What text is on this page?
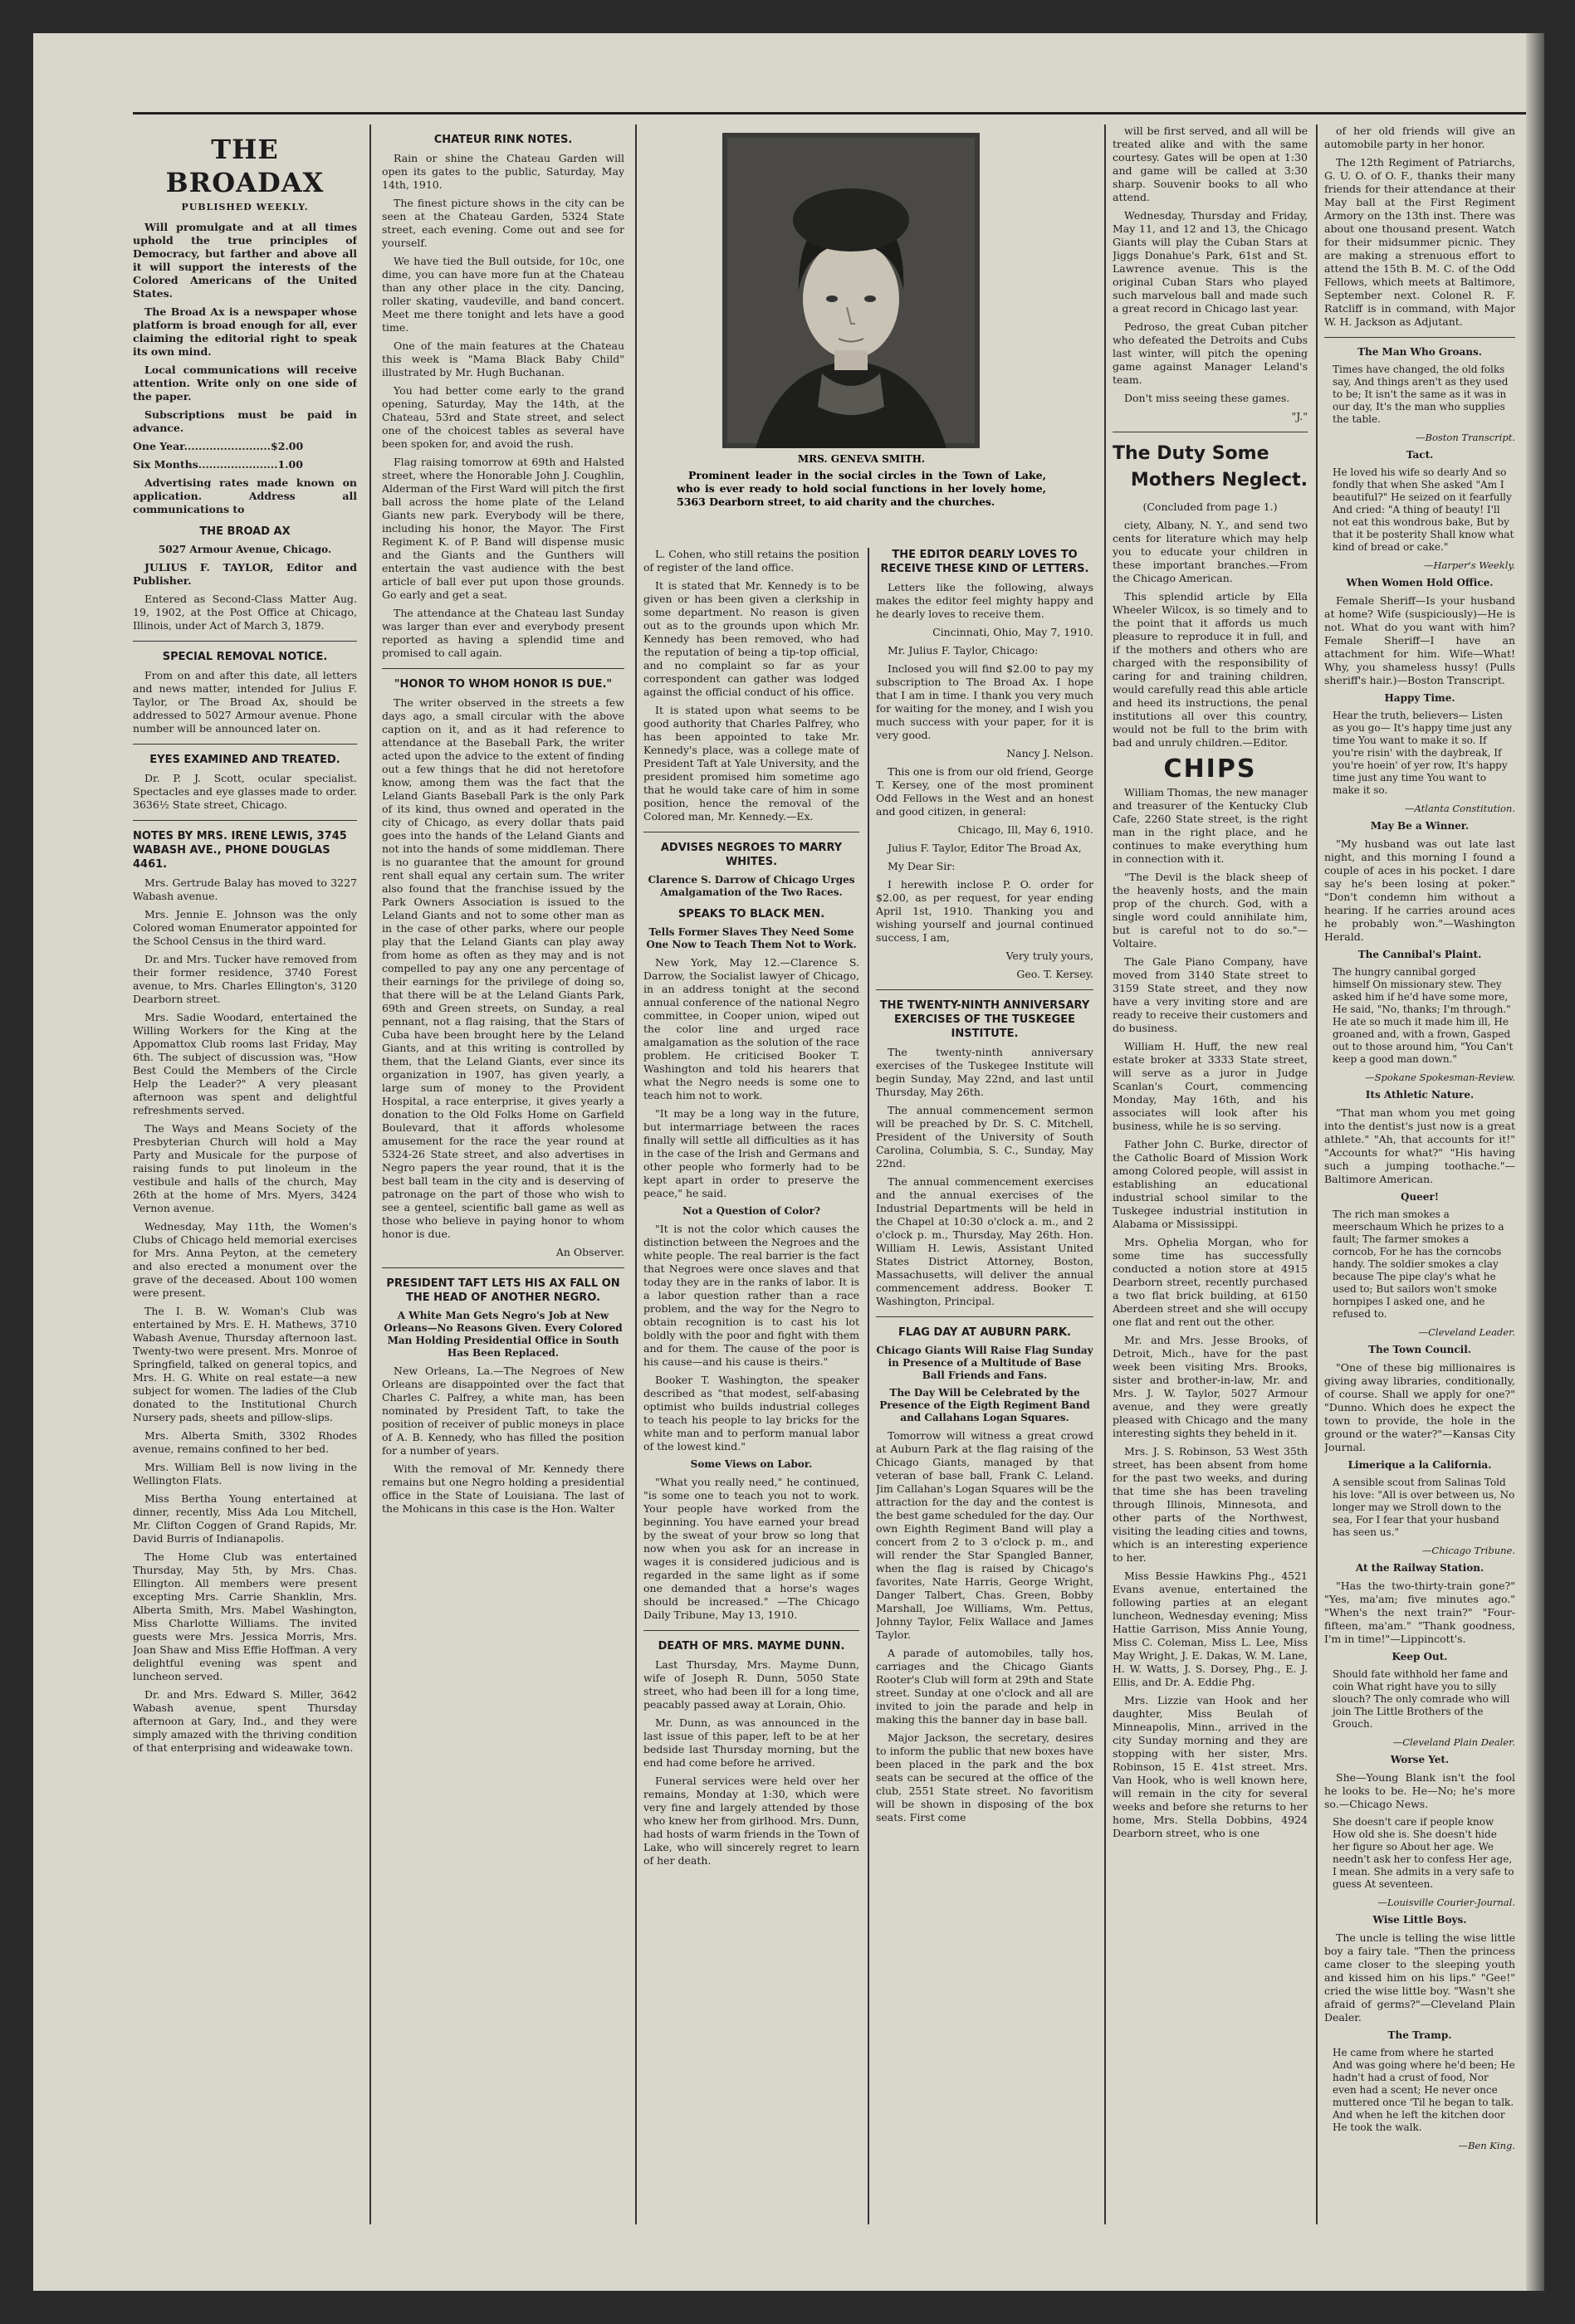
THE BROADAX
PUBLISHED WEEKLY.

Will promulgate and at all times uphold the true principles of Democracy, but farther and above all it will support the interests of the Colored Americans of the United States.

The Broad Ax is a newspaper whose platform is broad enough for all, ever claiming the editorial right to speak its own mind.

Local communications will receive attention. Write only on one side of the paper.

Subscriptions must be paid in advance.

One Year........................$2.00

Six Months......................1.00

Advertising rates made known on application. Address all communications to

THE BROAD AX
5027 Armour Avenue, Chicago.

JULIUS F. TAYLOR, Editor and Publisher.

Entered as Second-Class Matter Aug. 19, 1902, at the Post Office at Chicago, Illinois, under Act of March 3, 1879.

SPECIAL REMOVAL NOTICE.

From on and after this date, all letters and news matter, intended for Julius F. Taylor, or The Broad Ax, should be addressed to 5027 Armour avenue. Phone number will be announced later on.

EYES EXAMINED AND TREATED.

Dr. P. J. Scott, ocular specialist. Spectacles and eye glasses made to order. 3636½ State street, Chicago.

NOTES BY MRS. IRENE LEWIS, 3745 WABASH AVE., PHONE DOUGLAS 4461.

Mrs. Gertrude Balay has moved to 3227 Wabash avenue.

Mrs. Jennie E. Johnson was the only Colored woman Enumerator appointed for the School Census in the third ward.

Dr. and Mrs. Tucker have removed from their former residence, 3740 Forest avenue, to Mrs. Charles Ellington's, 3120 Dearborn street.

Mrs. Sadie Woodard, entertained the Willing Workers for the King at the Appomattox Club rooms last Friday, May 6th. The subject of discussion was, "How Best Could the Members of the Circle Help the Leader?" A very pleasant afternoon was spent and delightful refreshments served.

The Ways and Means Society of the Presbyterian Church will hold a May Party and Musicale for the purpose of raising funds to put linoleum in the vestibule and halls of the church, May 26th at the home of Mrs. Myers, 3424 Vernon avenue.

Wednesday, May 11th, the Women's Clubs of Chicago held memorial exercises for Mrs. Anna Peyton, at the cemetery and also erected a monument over the grave of the deceased. About 100 women were present.

The I. B. W. Woman's Club was entertained by Mrs. E. H. Mathews, 3710 Wabash Avenue, Thursday afternoon last. Twenty-two were present. Mrs. Monroe of Springfield, talked on general topics, and Mrs. H. G. White on real estate—a new subject for women. The ladies of the Club donated to the Institutional Church Nursery pads, sheets and pillow-slips.

Mrs. Alberta Smith, 3302 Rhodes avenue, remains confined to her bed.

Mrs. William Bell is now living in the Wellington Flats.

Miss Bertha Young entertained at dinner, recently, Miss Ada Lou Mitchell, Mr. Clifton Coggen of Grand Rapids, Mr. David Burris of Indianapolis.

The Home Club was entertained Thursday, May 5th, by Mrs. Chas. Ellington. All members were present excepting Mrs. Carrie Shanklin, Mrs. Alberta Smith, Mrs. Mabel Washington, Miss Charlotte Williams. The invited guests were Mrs. Jessica Morris, Mrs. Joan Shaw and Miss Effie Hoffman. A very delightful evening was spent and luncheon served.

Dr. and Mrs. Edward S. Miller, 3642 Wabash avenue, spent Thursday afternoon at Gary, Ind., and they were simply amazed with the thriving condition of that enterprising and wideawake town.

CHATEUR RINK NOTES.

Rain or shine the Chateau Garden will open its gates to the public, Saturday, May 14th, 1910.

The finest picture shows in the city can be seen at the Chateau Garden, 5324 State street, each evening. Come out and see for yourself.

We have tied the Bull outside, for 10c, one dime, you can have more fun at the Chateau than any other place in the city. Dancing, roller skating, vaudeville, and band concert. Meet me there tonight and lets have a good time.

One of the main features at the Chateau this week is "Mama Black Baby Child" illustrated by Mr. Hugh Buchanan.

You had better come early to the grand opening, Saturday, May the 14th, at the Chateau, 53rd and State street, and select one of the choicest tables as several have been spoken for, and avoid the rush.

Flag raising tomorrow at 69th and Halsted street, where the Honorable John J. Coughlin, Alderman of the First Ward will pitch the first ball across the home plate of the Leland Giants new park. Everybody will be there, including his honor, the Mayor. The First Regiment K. of P. Band will dispense music and the Giants and the Gunthers will entertain the vast audience with the best article of ball ever put upon those grounds. Go early and get a seat.

The attendance at the Chateau last Sunday was larger than ever and everybody present reported as having a splendid time and promised to call again.

"HONOR TO WHOM HONOR IS DUE."

The writer observed in the streets a few days ago, a small circular with the above caption on it, and as it had reference to attendance at the Baseball Park, the writer acted upon the advice to the extent of finding out a few things that he did not heretofore know, among them was the fact that the Leland Giants Baseball Park is the only Park of its kind, thus owned and operated in the city of Chicago, as every dollar thats paid goes into the hands of the Leland Giants and not into the hands of some middleman. There is no guarantee that the amount for ground rent shall equal any certain sum. The writer also found that the franchise issued by the Park Owners Association is issued to the Leland Giants and not to some other man as in the case of other parks, where our people play that the Leland Giants can play away from home as often as they may and is not compelled to pay any one any percentage of their earnings for the privilege of doing so, that there will be at the Leland Giants Park, 69th and Green streets, on Sunday, a real pennant, not a flag raising, that the Stars of Cuba have been brought here by the Leland Giants, and at this writing is controlled by them, that the Leland Giants, ever since its organization in 1907, has given yearly, a large sum of money to the Provident Hospital, a race enterprise, it gives yearly a donation to the Old Folks Home on Garfield Boulevard, that it affords wholesome amusement for the race the year round at 5324-26 State street, and also advertises in Negro papers the year round, that it is the best ball team in the city and is deserving of patronage on the part of those who wish to see a genteel, scientific ball game as well as those who believe in paying honor to whom honor is due.

An Observer.

PRESIDENT TAFT LETS HIS AX FALL ON THE HEAD OF ANOTHER NEGRO.
A White Man Gets Negro's Job at New Orleans—No Reasons Given. Every Colored Man Holding Presidential Office in South Has Been Replaced.

New Orleans, La.—The Negroes of New Orleans are disappointed over the fact that Charles C. Palfrey, a white man, has been nominated by President Taft, to take the position of receiver of public moneys in place of A. B. Kennedy, who has filled the position for a number of years.

With the removal of Mr. Kennedy there remains but one Negro holding a presidential office in the State of Louisiana. The last of the Mohicans in this case is the Hon. Walter

MRS. GENEVA SMITH.
Prominent leader in the social circles in the Town of Lake, who is ever ready to hold social functions in her lovely home, 5363 Dearborn street, to aid charity and the churches.

L. Cohen, who still retains the position of register of the land office.

It is stated that Mr. Kennedy is to be given or has been given a clerkship in some department. No reason is given out as to the grounds upon which Mr. Kennedy has been removed, who had the reputation of being a tip-top official, and no complaint so far as your correspondent can gather was lodged against the official conduct of his office.

It is stated upon what seems to be good authority that Charles Palfrey, who has been appointed to take Mr. Kennedy's place, was a college mate of President Taft at Yale University, and the president promised him sometime ago that he would take care of him in some position, hence the removal of the Colored man, Mr. Kennedy.—Ex.

ADVISES NEGROES TO MARRY WHITES.
Clarence S. Darrow of Chicago Urges Amalgamation of the Two Races.
SPEAKS TO BLACK MEN.
Tells Former Slaves They Need Some One Now to Teach Them Not to Work.

New York, May 12.—Clarence S. Darrow, the Socialist lawyer of Chicago, in an address tonight at the second annual conference of the national Negro committee, in Cooper union, wiped out the color line and urged race amalgamation as the solution of the race problem. He criticised Booker T. Washington and told his hearers that what the Negro needs is some one to teach him not to work.

"It may be a long way in the future, but intermarriage between the races finally will settle all difficulties as it has in the case of the Irish and Germans and other people who formerly had to be kept apart in order to preserve the peace," he said.

Not a Question of Color?

"It is not the color which causes the distinction between the Negroes and the white people. The real barrier is the fact that Negroes were once slaves and that today they are in the ranks of labor. It is a labor question rather than a race problem, and the way for the Negro to obtain recognition is to cast his lot boldly with the poor and fight with them and for them. The cause of the poor is his cause—and his cause is theirs."

Booker T. Washington, the speaker described as "that modest, self-abasing optimist who builds industrial colleges to teach his people to lay bricks for the white man and to perform manual labor of the lowest kind."

Some Views on Labor.

"What you really need," he continued, "is some one to teach you not to work. Your people have worked from the beginning. You have earned your bread by the sweat of your brow so long that now when you ask for an increase in wages it is considered judicious and is regarded in the same light as if some one demanded that a horse's wages should be increased." —The Chicago Daily Tribune, May 13, 1910.

DEATH OF MRS. MAYME DUNN.

Last Thursday, Mrs. Mayme Dunn, wife of Joseph R. Dunn, 5050 State street, who had been ill for a long time, peacably passed away at Lorain, Ohio.

Mr. Dunn, as was announced in the last issue of this paper, left to be at her bedside last Thursday morning, but the end had come before he arrived.

Funeral services were held over her remains, Monday at 1:30, which were very fine and largely attended by those who knew her from girlhood. Mrs. Dunn, had hosts of warm friends in the Town of Lake, who will sincerely regret to learn of her death.

THE EDITOR DEARLY LOVES TO RECEIVE THESE KIND OF LETTERS.

Letters like the following, always makes the editor feel mighty happy and he dearly loves to receive them.

Cincinnati, Ohio, May 7, 1910.

Mr. Julius F. Taylor, Chicago:

Inclosed you will find $2.00 to pay my subscription to The Broad Ax. I hope that I am in time. I thank you very much for waiting for the money, and I wish you much success with your paper, for it is very good.

Nancy J. Nelson.

This one is from our old friend, George T. Kersey, one of the most prominent Odd Fellows in the West and an honest and good citizen, in general:

Chicago, Ill, May 6, 1910.

Julius F. Taylor, Editor The Broad Ax,

My Dear Sir:

I herewith inclose P. O. order for $2.00, as per request, for year ending April 1st, 1910. Thanking you and wishing yourself and journal continued success, I am,

Very truly yours,

Geo. T. Kersey.

THE TWENTY-NINTH ANNIVERSARY EXERCISES OF THE TUSKEGEE INSTITUTE.

The twenty-ninth anniversary exercises of the Tuskegee Institute will begin Sunday, May 22nd, and last until Thursday, May 26th.

The annual commencement sermon will be preached by Dr. S. C. Mitchell, President of the University of South Carolina, Columbia, S. C., Sunday, May 22nd.

The annual commencement exercises and the annual exercises of the Industrial Departments will be held in the Chapel at 10:30 o'clock a. m., and 2 o'clock p. m., Thursday, May 26th. Hon. William H. Lewis, Assistant United States District Attorney, Boston, Massachusetts, will deliver the annual commencement address. Booker T. Washington, Principal.

FLAG DAY AT AUBURN PARK.
Chicago Giants Will Raise Flag Sunday in Presence of a Multitude of Base Ball Friends and Fans.
The Day Will be Celebrated by the Presence of the Eigth Regiment Band and Callahans Logan Squares.

Tomorrow will witness a great crowd at Auburn Park at the flag raising of the Chicago Giants, managed by that veteran of base ball, Frank C. Leland. Jim Callahan's Logan Squares will be the attraction for the day and the contest is the best game scheduled for the day. Our own Eighth Regiment Band will play a concert from 2 to 3 o'clock p. m., and will render the Star Spangled Banner, when the flag is raised by Chicago's favorites, Nate Harris, George Wright, Danger Talbert, Chas. Green, Bobby Marshall, Joe Williams, Wm. Pettus, Johnny Taylor, Felix Wallace and James Taylor.

A parade of automobiles, tally hos, carriages and the Chicago Giants Rooter's Club will form at 29th and State street. Sunday at one o'clock and all are invited to join the parade and help in making this the banner day in base ball.

Major Jackson, the secretary, desires to inform the public that new boxes have been placed in the park and the box seats can be secured at the office of the club, 2551 State street. No favoritism will be shown in disposing of the box seats. First come

will be first served, and all will be treated alike and with the same courtesy. Gates will be open at 1:30 and game will be called at 3:30 sharp. Souvenir books to all who attend.

Wednesday, Thursday and Friday, May 11, and 12 and 13, the Chicago Giants will play the Cuban Stars at Jiggs Donahue's Park, 61st and St. Lawrence avenue. This is the original Cuban Stars who played such marvelous ball and made such a great record in Chicago last year.

Pedroso, the great Cuban pitcher who defeated the Detroits and Cubs last winter, will pitch the opening game against Manager Leland's team.

Don't miss seeing these games.

"J."

The Duty Some
Mothers Neglect.

(Concluded from page 1.)

ciety, Albany, N. Y., and send two cents for literature which may help you to educate your children in these important branches.—From the Chicago American.

This splendid article by Ella Wheeler Wilcox, is so timely and to the point that it affords us much pleasure to reproduce it in full, and if the mothers and others who are charged with the responsibility of caring for and training children, would carefully read this able article and heed its instructions, the penal institutions all over this country, would not be full to the brim with bad and unruly children.—Editor.

CHIPS

William Thomas, the new manager and treasurer of the Kentucky Club Cafe, 2260 State street, is the right man in the right place, and he continues to make everything hum in connection with it.

"The Devil is the black sheep of the heavenly hosts, and the main prop of the church. God, with a single word could annihilate him, but is careful not to do so."—Voltaire.

The Gale Piano Company, have moved from 3140 State street to 3159 State street, and they now have a very inviting store and are ready to receive their customers and do business.

William H. Huff, the new real estate broker at 3333 State street, will serve as a juror in Judge Scanlan's Court, commencing Monday, May 16th, and his associates will look after his business, while he is so serving.

Father John C. Burke, director of the Catholic Board of Mission Work among Colored people, will assist in establishing an educational industrial school similar to the Tuskegee industrial institution in Alabama or Mississippi.

Mrs. Ophelia Morgan, who for some time has successfully conducted a notion store at 4915 Dearborn street, recently purchased a two flat brick building, at 6150 Aberdeen street and she will occupy one flat and rent out the other.

Mr. and Mrs. Jesse Brooks, of Detroit, Mich., have for the past week been visiting Mrs. Brooks, sister and brother-in-law, Mr. and Mrs. J. W. Taylor, 5027 Armour avenue, and they were greatly pleased with Chicago and the many interesting sights they beheld in it.

Mrs. J. S. Robinson, 53 West 35th street, has been absent from home for the past two weeks, and during that time she has been traveling through Illinois, Minnesota, and other parts of the Northwest, visiting the leading cities and towns, which is an interesting experience to her.

Miss Bessie Hawkins Phg., 4521 Evans avenue, entertained the following parties at an elegant luncheon, Wednesday evening; Miss Hattie Garrison, Miss Annie Young, Miss C. Coleman, Miss L. Lee, Miss May Wright, J. E. Dakas, W. M. Lane, H. W. Watts, J. S. Dorsey, Phg., E. J. Ellis, and Dr. A. Eddie Phg.

Mrs. Lizzie van Hook and her daughter, Miss Beulah of Minneapolis, Minn., arrived in the city Sunday morning and they are stopping with her sister, Mrs. Robinson, 15 E. 41st street. Mrs. Van Hook, who is well known here, will remain in the city for several weeks and before she returns to her home, Mrs. Stella Dobbins, 4924 Dearborn street, who is one

of her old friends will give an automobile party in her honor.

The 12th Regiment of Patriarchs, G. U. O. of O. F., thanks their many friends for their attendance at their May ball at the First Regiment Armory on the 13th inst. There was about one thousand present. Watch for their midsummer picnic. They are making a strenuous effort to attend the 15th B. M. C. of the Odd Fellows, which meets at Baltimore, September next. Colonel R. F. Ratcliff is in command, with Major W. H. Jackson as Adjutant.

The Man Who Groans.

Times have changed, the old folks say, And things aren't as they used to be; It isn't the same as it was in our day, It's the man who supplies the table.

—Boston Transcript.

Tact.

He loved his wife so dearly And so fondly that when She asked "Am I beautiful?" He seized on it fearfully And cried: "A thing of beauty! I'll not eat this wondrous bake, But by that it be posterity Shall know what kind of bread or cake."

—Harper's Weekly.

When Women Hold Office.

Female Sheriff—Is your husband at home? Wife (suspiciously)—He is not. What do you want with him? Female Sheriff—I have an attachment for him. Wife—What! Why, you shameless hussy! (Pulls sheriff's hair.)—Boston Transcript.

Happy Time.

Hear the truth, believers— Listen as you go— It's happy time just any time You want to make it so. If you're risin' with the daybreak, If you're hoein' of yer row, It's happy time just any time You want to make it so.

—Atlanta Constitution.

May Be a Winner.

"My husband was out late last night, and this morning I found a couple of aces in his pocket. I dare say he's been losing at poker." "Don't condemn him without a hearing. If he carries around aces he probably won."—Washington Herald.

The Cannibal's Plaint.

The hungry cannibal gorged himself On missionary stew. They asked him if he'd have some more, He said, "No, thanks; I'm through." He ate so much it made him ill, He groaned and, with a frown, Gasped out to those around him, "You Can't keep a good man down."

—Spokane Spokesman-Review.

Its Athletic Nature.

"That man whom you met going into the dentist's just now is a great athlete." "Ah, that accounts for it!" "Accounts for what?" "His having such a jumping toothache."—Baltimore American.

Queer!

The rich man smokes a meerschaum Which he prizes to a fault; The farmer smokes a corncob, For he has the corncobs handy. The soldier smokes a clay because The pipe clay's what he used to; But sailors won't smoke hornpipes I asked one, and he refused to.

—Cleveland Leader.

The Town Council.

"One of these big millionaires is giving away libraries, conditionally, of course. Shall we apply for one?" "Dunno. Which does he expect the town to provide, the hole in the ground or the water?"—Kansas City Journal.

Limerique a la California.

A sensible scout from Salinas Told his love: "All is over between us, No longer may we Stroll down to the sea, For I fear that your husband has seen us."

—Chicago Tribune.

At the Railway Station.

"Has the two-thirty-train gone?" "Yes, ma'am; five minutes ago." "When's the next train?" "Four-fifteen, ma'am." "Thank goodness, I'm in time!"—Lippincott's.

Keep Out.

Should fate withhold her fame and coin What right have you to silly slouch? The only comrade who will join The Little Brothers of the Grouch.

—Cleveland Plain Dealer.

Worse Yet.

She—Young Blank isn't the fool he looks to be. He—No; he's more so.—Chicago News.

She doesn't care if people know How old she is. She doesn't hide her figure so About her age. We needn't ask her to confess Her age, I mean. She admits in a very safe to guess At seventeen.

—Louisville Courier-Journal.

Wise Little Boys.

The uncle is telling the wise little boy a fairy tale. "Then the princess came closer to the sleeping youth and kissed him on his lips." "Gee!" cried the wise little boy. "Wasn't she afraid of germs?"—Cleveland Plain Dealer.

The Tramp.

He came from where he started And was going where he'd been; He hadn't had a crust of food, Nor even had a scent; He never once muttered once 'Til he began to talk. And when he left the kitchen door He took the walk.

—Ben King.
